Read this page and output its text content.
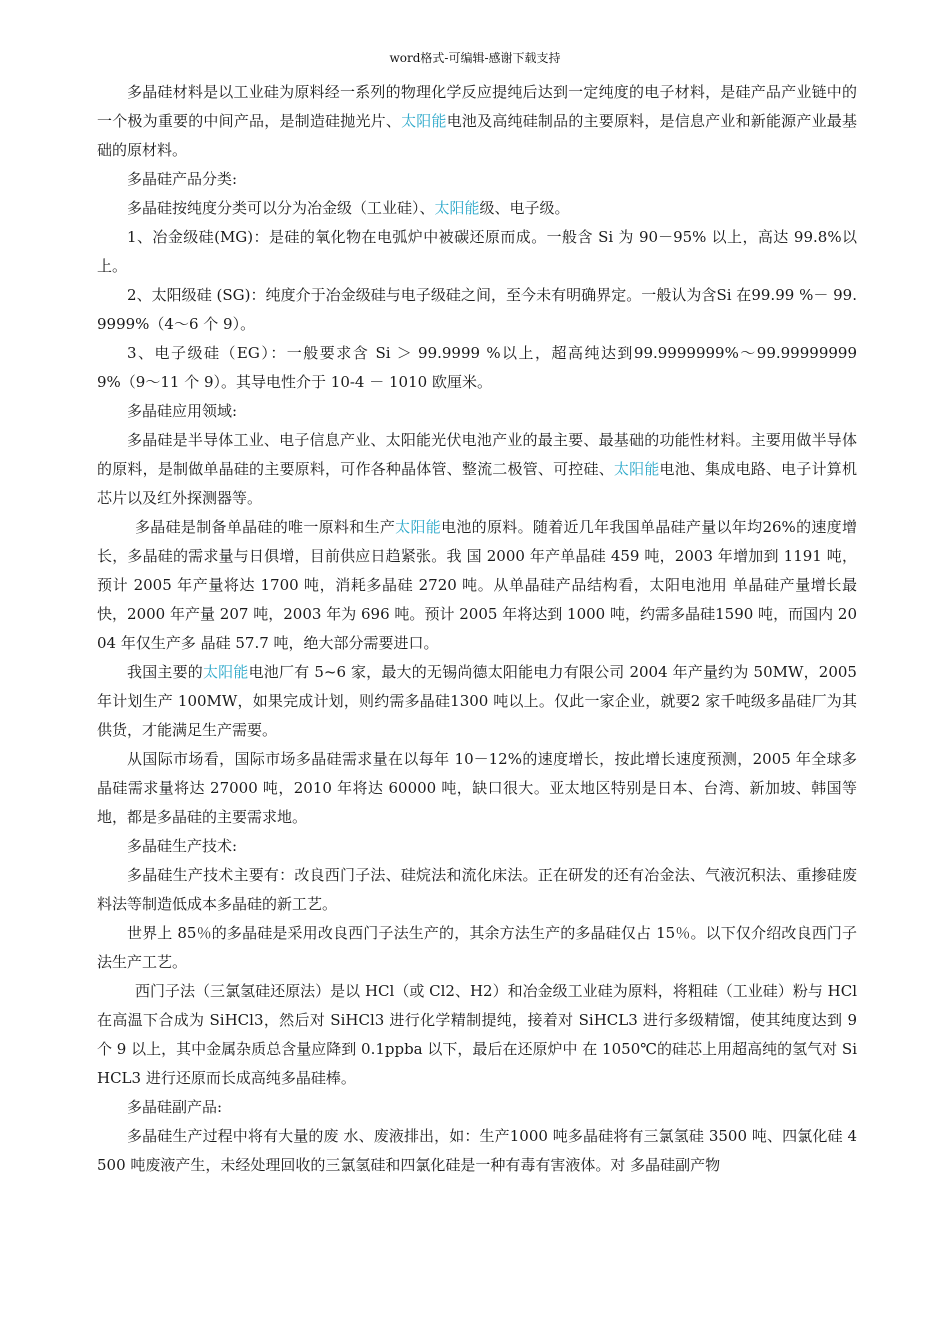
word格式-可编辑-感谢下载支持

多晶硅材料是以工业硅为原料经一系列的物理化学反应提纯后达到一定纯度的电子材料，是硅产品产业链中的一个极为重要的中间产品，是制造硅抛光片、太阳能电池及高纯硅制品的主要原料，是信息产业和新能源产业最基础的原材料。

多晶硅产品分类:

多晶硅按纯度分类可以分为冶金级（工业硅）、太阳能级、电子级。

1、冶金级硅(MG)：是硅的氧化物在电弧炉中被碳还原而成。一般含 Si 为 90－95% 以上，高达 99.8%以上。

2、太阳级硅 (SG)：纯度介于冶金级硅与电子级硅之间，至今未有明确界定。一般认为含Si 在99.99 %－ 99.9999%（4～6 个 9）。

3、电子级硅（EG）：一般要求含 Si ＞ 99.9999 %以上，超高纯达到99.9999999%～99.999999999%（9～11 个 9）。其导电性介于 10-4 － 1010 欧厘米。

多晶硅应用领域:

多晶硅是半导体工业、电子信息产业、太阳能光伏电池产业的最主要、最基础的功能性材料。主要用做半导体的原料，是制做单晶硅的主要原料，可作各种晶体管、整流二极管、可控硅、太阳能电池、集成电路、电子计算机芯片以及红外探测器等。

多晶硅是制备单晶硅的唯一原料和生产太阳能电池的原料。随着近几年我国单晶硅产量以年均26%的速度增长，多晶硅的需求量与日俱增，目前供应日趋紧张。我 国 2000 年产单晶硅 459 吨，2003 年增加到 1191 吨，预计 2005 年产量将达 1700 吨，消耗多晶硅 2720 吨。从单晶硅产品结构看，太阳电池用 单晶硅产量增长最快，2000 年产量 207 吨，2003 年为 696 吨。预计 2005 年将达到 1000 吨，约需多晶硅1590 吨，而国内 2004 年仅生产多 晶硅 57.7 吨，绝大部分需要进口。

我国主要的太阳能电池厂有 5~6 家，最大的无锡尚德太阳能电力有限公司 2004 年产量约为 50MW，2005 年计划生产 100MW，如果完成计划，则约需多晶硅1300 吨以上。仅此一家企业，就要2 家千吨级多晶硅厂为其供货，才能满足生产需要。

从国际市场看，国际市场多晶硅需求量在以每年 10－12%的速度增长，按此增长速度预测，2005 年全球多晶硅需求量将达 27000 吨，2010 年将达 60000 吨，缺口很大。亚太地区特别是日本、台湾、新加坡、韩国等地，都是多晶硅的主要需求地。

多晶硅生产技术:

多晶硅生产技术主要有：改良西门子法、硅烷法和流化床法。正在研发的还有冶金法、气液沉积法、重掺硅废料法等制造低成本多晶硅的新工艺。

世界上 85％的多晶硅是采用改良西门子法生产的，其余方法生产的多晶硅仅占 15％。以下仅介绍改良西门子法生产工艺。

西门子法（三氯氢硅还原法）是以 HCl（或 Cl2、H2）和冶金级工业硅为原料，将粗硅（工业硅）粉与 HCl 在高温下合成为 SiHCl3，然后对 SiHCl3 进行化学精制提纯，接着对 SiHCL3 进行多级精馏，使其纯度达到 9 个 9 以上，其中金属杂质总含量应降到 0.1ppba 以下，最后在还原炉中 在 1050℃的硅芯上用超高纯的氢气对 SiHCL3 进行还原而长成高纯多晶硅棒。

多晶硅副产品:

多晶硅生产过程中将有大量的废 水、废液排出，如：生产1000 吨多晶硅将有三氯氢硅 3500 吨、四氯化硅 4500 吨废液产生，未经处理回收的三氯氢硅和四氯化硅是一种有毒有害液体。对 多晶硅副产物
